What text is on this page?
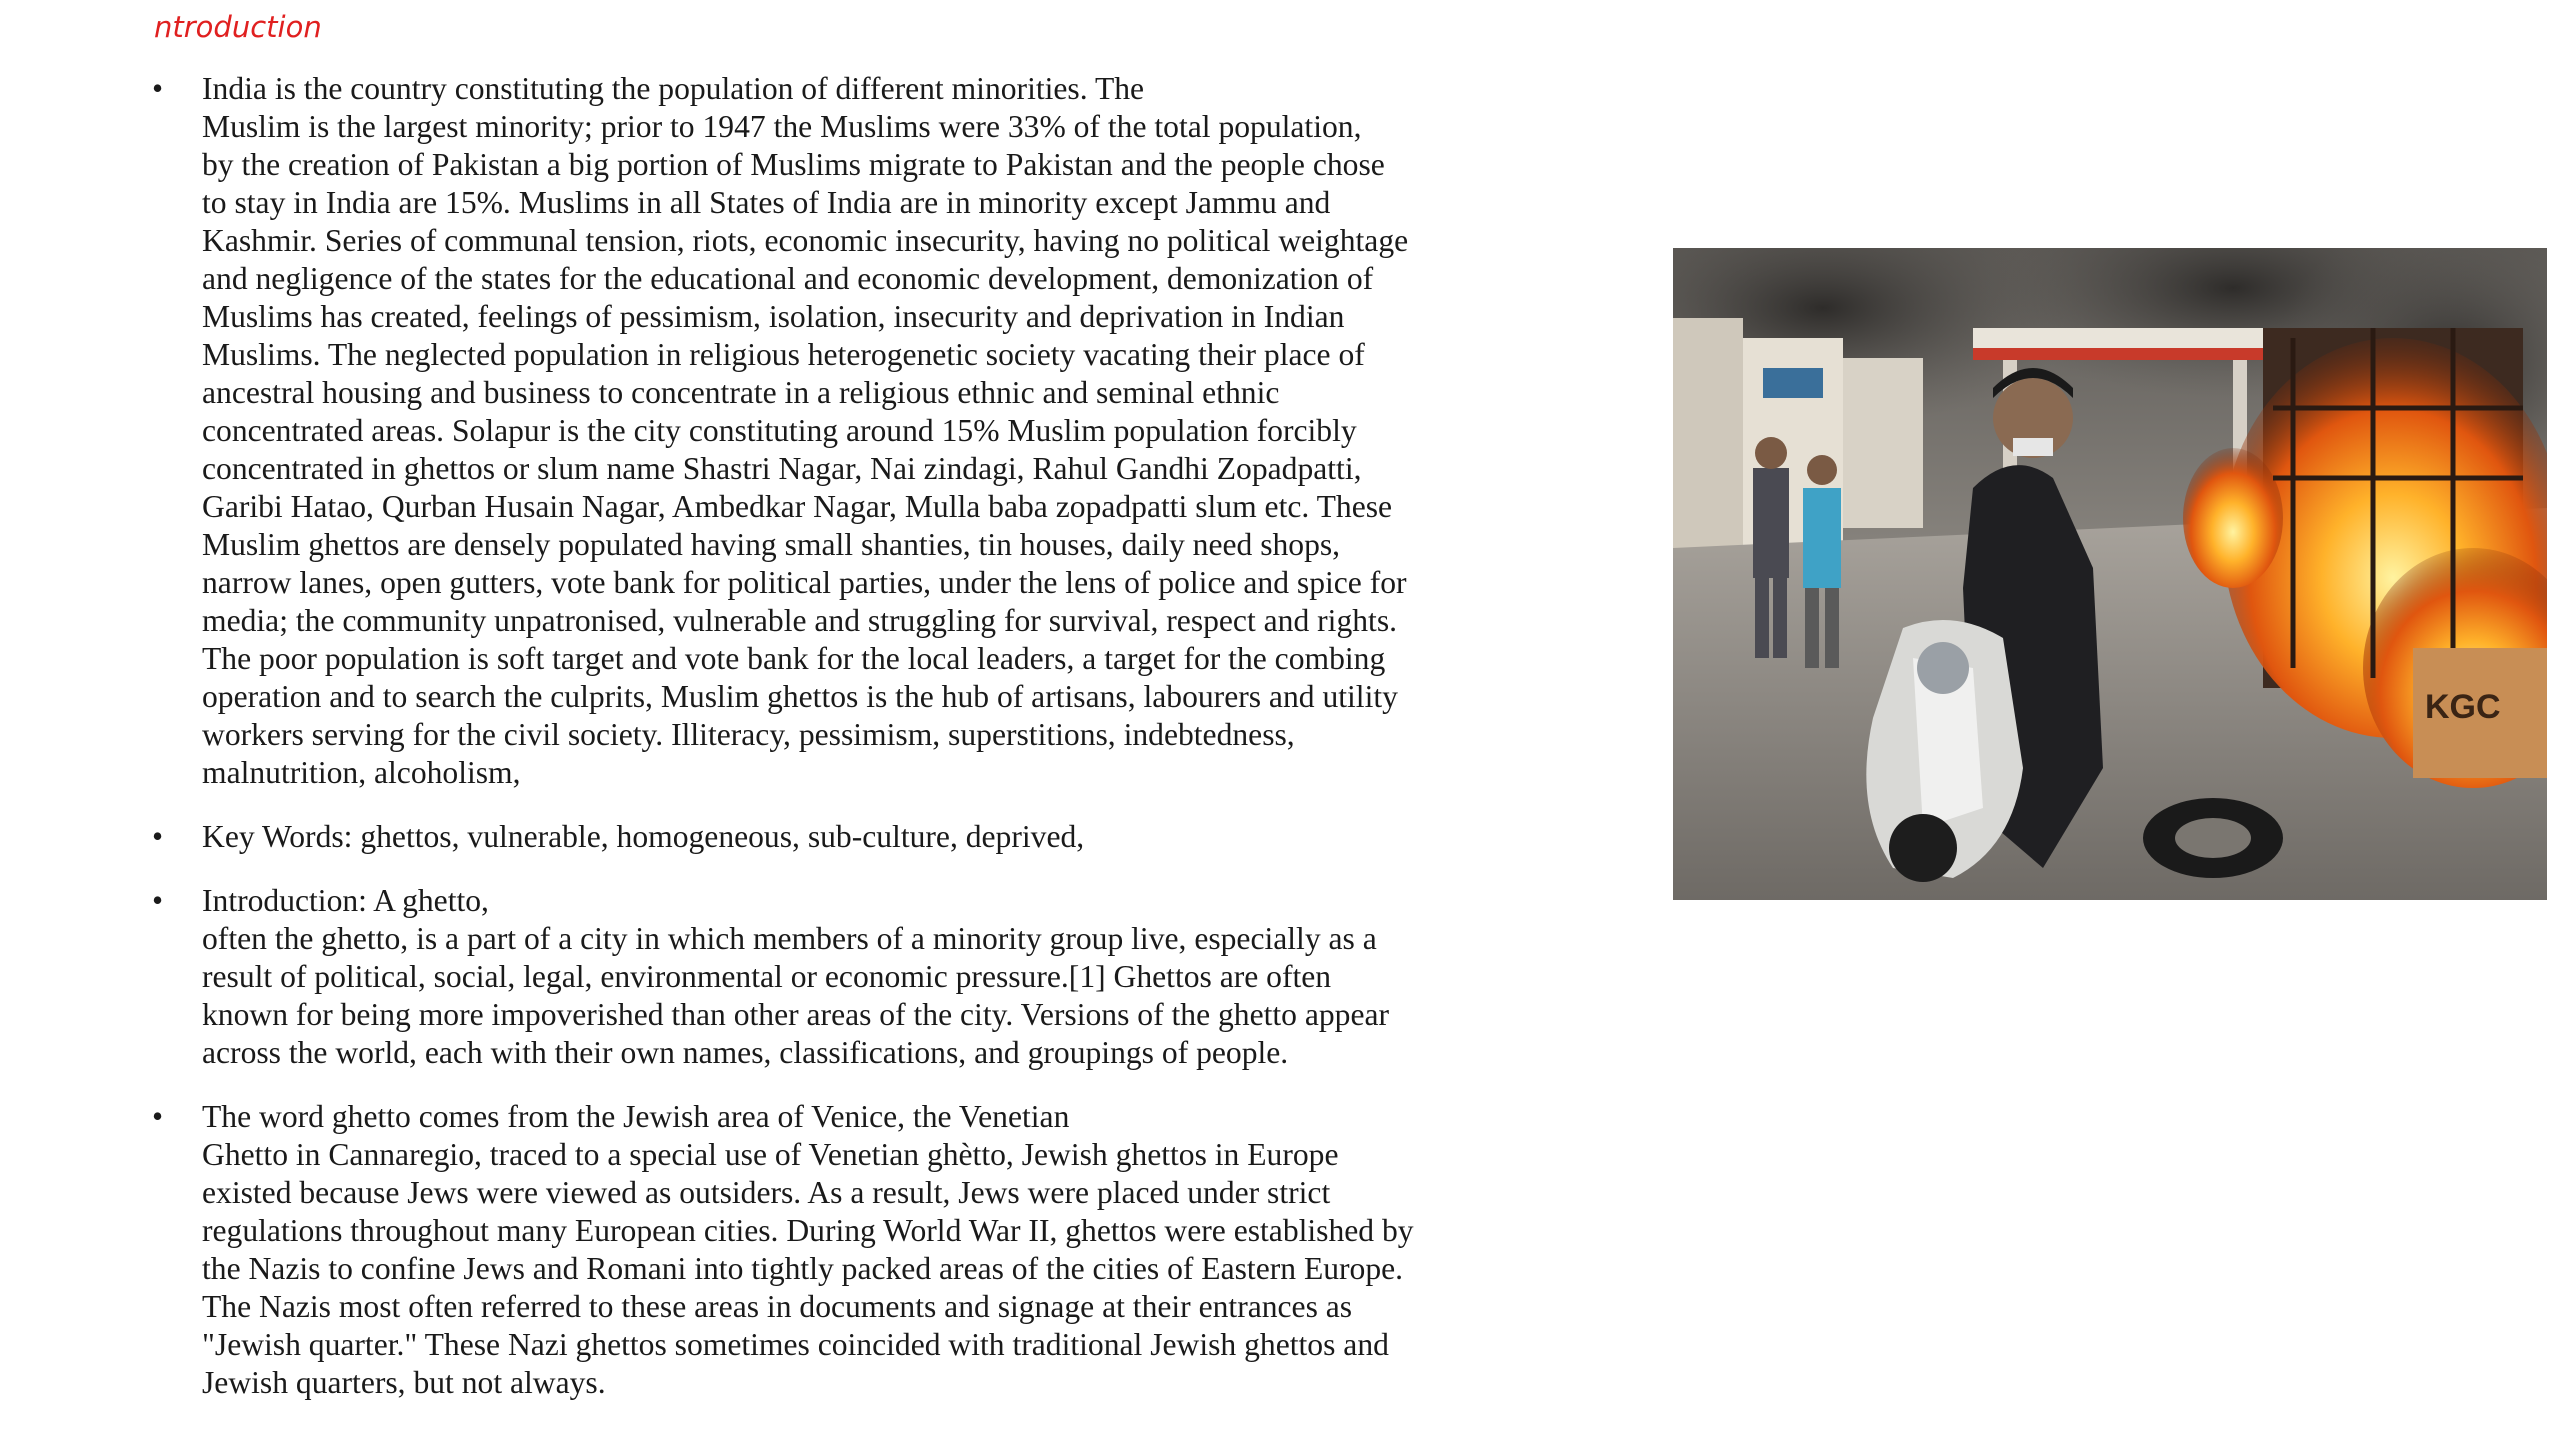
ntroduction
• India is the country constituting the population of different minorities. The
Muslim is the largest minority; prior to 1947 the Muslims were 33% of the total population,
by the creation of Pakistan a big portion of Muslims migrate to Pakistan and the people chose
to stay in India are 15%. Muslims in all States of India are in minority except Jammu and
Kashmir. Series of communal tension, riots, economic insecurity, having no political weightage
and negligence of the states for the educational and economic development, demonization of
Muslims has created, feelings of pessimism, isolation, insecurity and deprivation in Indian
Muslims. The neglected population in religious heterogenetic society vacating their place of
ancestral housing and business to concentrate in a religious ethnic and seminal ethnic
concentrated areas. Solapur is the city constituting around 15% Muslim population forcibly
concentrated in ghettos or slum name Shastri Nagar, Nai zindagi, Rahul Gandhi Zopadpatti,
Garibi Hatao, Qurban Husain Nagar, Ambedkar Nagar, Mulla baba zopadpatti slum etc. These
Muslim ghettos are densely populated having small shanties, tin houses, daily need shops,
narrow lanes, open gutters, vote bank for political parties, under the lens of police and spice for
media; the community unpatronised, vulnerable and struggling for survival, respect and rights.
The poor population is soft target and vote bank for the local leaders, a target for the combing
operation and to search the culprits, Muslim ghettos is the hub of artisans, labourers and utility
workers serving for the civil society. Illiteracy, pessimism, superstitions, indebtedness,
malnutrition, alcoholism,

• Key Words: ghettos, vulnerable, homogeneous, sub-culture, deprived,

• Introduction: A ghetto,
often the ghetto, is a part of a city in which members of a minority group live, especially as a
result of political, social, legal, environmental or economic pressure.[1] Ghettos are often
known for being more impoverished than other areas of the city. Versions of the ghetto appear
across the world, each with their own names, classifications, and groupings of people.

• The word ghetto comes from the Jewish area of Venice, the Venetian
Ghetto in Cannaregio, traced to a special use of Venetian ghètto, Jewish ghettos in Europe
existed because Jews were viewed as outsiders. As a result, Jews were placed under strict
regulations throughout many European cities. During World War II, ghettos were established by
the Nazis to confine Jews and Romani into tightly packed areas of the cities of Eastern Europe.
The Nazis most often referred to these areas in documents and signage at their entrances as
"Jewish quarter." These Nazi ghettos sometimes coincided with traditional Jewish ghettos and
Jewish quarters, but not always.

KGC
